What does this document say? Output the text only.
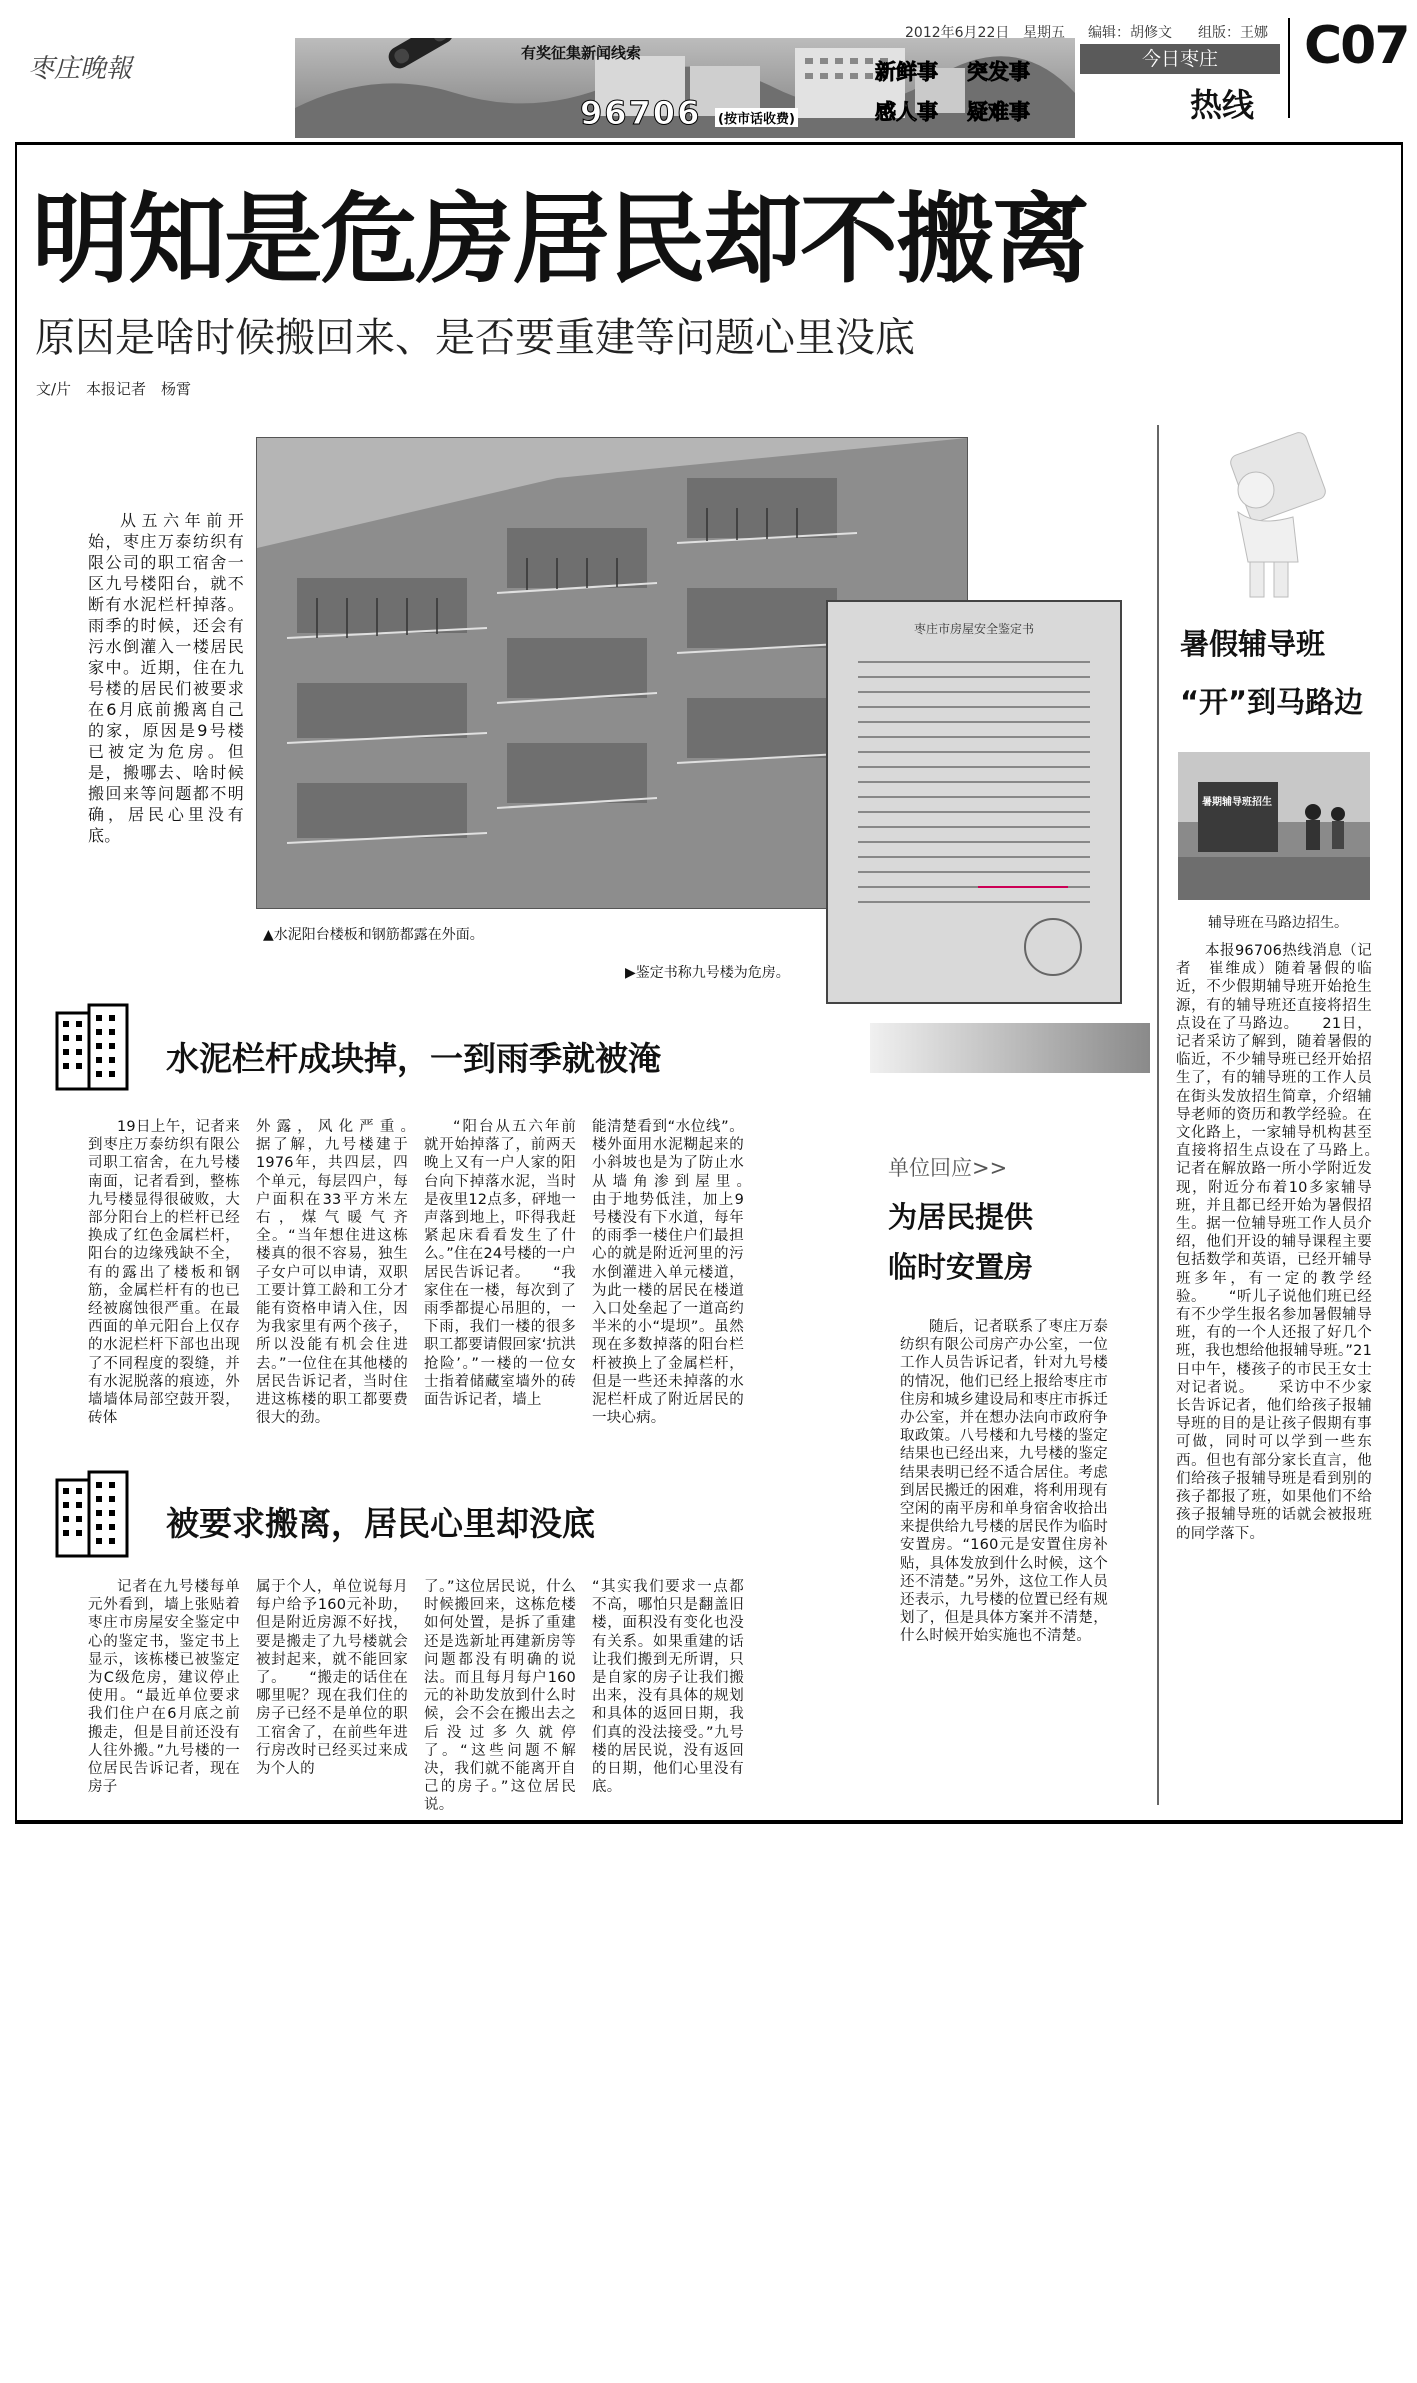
枣庄晚報
有奖征集新闻线索
96706 (按市话收费)
新鲜事 突发事
感人事 疑难事
2012年6月22日 星期五 编辑：胡修文 组版：王娜
今日枣庄
热线
C07
明知是危房居民却不搬离
原因是啥时候搬回来、是否要重建等问题心里没底
文/片　本报记者　杨霄

从五六年前开始，枣庄万泰纺织有限公司的职工宿舍一区九号楼阳台，就不断有水泥栏杆掉落。雨季的时候，还会有污水倒灌入一楼居民家中。近期，住在九号楼的居民们被要求在6月底前搬离自己的家，原因是9号楼已被定为危房。但是，搬哪去、啥时候搬回来等问题都不明确，居民心里没有底。

枣庄市房屋安全鉴定书
▲水泥阳台楼板和钢筋都露在外面。
▶鉴定书称九号楼为危房。
水泥栏杆成块掉，一到雨季就被淹

19日上午，记者来到枣庄万泰纺织有限公司职工宿舍，在九号楼南面，记者看到，整栋九号楼显得很破败，大部分阳台上的栏杆已经换成了红色金属栏杆，阳台的边缘残缺不全，有的露出了楼板和钢筋，金属栏杆有的也已经被腐蚀很严重。在最西面的单元阳台上仅存的水泥栏杆下部也出现了不同程度的裂缝，并有水泥脱落的痕迹，外墙墙体局部空鼓开裂，砖体

外露，风化严重。　　据了解，九号楼建于1976年，共四层，四个单元，每层四户，每户面积在33平方米左右，煤气暖气齐全。“当年想住进这栋楼真的很不容易，独生子女户可以申请，双职工要计算工龄和工分才能有资格申请入住，因为我家里有两个孩子，所以没能有机会住进去。”一位住在其他楼的居民告诉记者，当时住进这栋楼的职工都要费很大的劲。

“阳台从五六年前就开始掉落了，前两天晚上又有一户人家的阳台向下掉落水泥，当时是夜里12点多，砰地一声落到地上，吓得我赶紧起床看看发生了什么。”住在24号楼的一户居民告诉记者。　　“我家住在一楼，每次到了雨季都提心吊胆的，一下雨，我们一楼的很多职工都要请假回家‘抗洪抢险’。”一楼的一位女士指着储藏室墙外的砖面告诉记者，墙上

能清楚看到“水位线”。楼外面用水泥糊起来的小斜坡也是为了防止水从墙角渗到屋里。　　由于地势低洼，加上9号楼没有下水道，每年的雨季一楼住户们最担心的就是附近河里的污水倒灌进入单元楼道，为此一楼的居民在楼道入口处垒起了一道高约半米的小“堤坝”。虽然现在多数掉落的阳台栏杆被换上了金属栏杆，但是一些还未掉落的水泥栏杆成了附近居民的一块心病。

单位回应>>
为居民提供
临时安置房

随后，记者联系了枣庄万泰纺织有限公司房产办公室，一位工作人员告诉记者，针对九号楼的情况，他们已经上报给枣庄市住房和城乡建设局和枣庄市拆迁办公室，并在想办法向市政府争取政策。八号楼和九号楼的鉴定结果也已经出来，九号楼的鉴定结果表明已经不适合居住。考虑到居民搬迁的困难，将利用现有空闲的南平房和单身宿舍收拾出来提供给九号楼的居民作为临时安置房。“160元是安置住房补贴，具体发放到什么时候，这个还不清楚。”另外，这位工作人员还表示，九号楼的位置已经有规划了，但是具体方案并不清楚，什么时候开始实施也不清楚。

被要求搬离，居民心里却没底

记者在九号楼每单元外看到，墙上张贴着枣庄市房屋安全鉴定中心的鉴定书，鉴定书上显示，该栋楼已被鉴定为C级危房，建议停止使用。“最近单位要求我们住户在6月底之前搬走，但是目前还没有人往外搬。”九号楼的一位居民告诉记者，现在房子

属于个人，单位说每月每户给予160元补助，但是附近房源不好找，要是搬走了九号楼就会被封起来，就不能回家了。　　“搬走的话住在哪里呢？现在我们住的房子已经不是单位的职工宿舍了，在前些年进行房改时已经买过来成为个人的

了。”这位居民说，什么时候搬回来，这栋危楼如何处置，是拆了重建还是选新址再建新房等问题都没有明确的说法。而且每月每户160元的补助发放到什么时候，会不会在搬出去之后没过多久就停了。“这些问题不解决，我们就不能离开自己的房子。”这位居民说。

“其实我们要求一点都不高，哪怕只是翻盖旧楼，面积没有变化也没有关系。如果重建的话让我们搬到无所谓，只是自家的房子让我们搬出来，没有具体的规划和具体的返回日期，我们真的没法接受。”九号楼的居民说，没有返回的日期，他们心里没有底。

暑假辅导班
“开”到马路边
暑期辅导班招生
辅导班在马路边招生。

本报96706热线消息（记者　崔维成）随着暑假的临近，不少假期辅导班开始抢生源，有的辅导班还直接将招生点设在了马路边。　　21日，记者采访了解到，随着暑假的临近，不少辅导班已经开始招生了，有的辅导班的工作人员在街头发放招生简章，介绍辅导老师的资历和教学经验。在文化路上，一家辅导机构甚至直接将招生点设在了马路上。　　记者在解放路一所小学附近发现，附近分布着10多家辅导班，并且都已经开始为暑假招生。据一位辅导班工作人员介绍，他们开设的辅导课程主要包括数学和英语，已经开辅导班多年，有一定的教学经验。　　“听儿子说他们班已经有不少学生报名参加暑假辅导班，有的一个人还报了好几个班，我也想给他报辅导班。”21日中午，楼孩子的市民王女士对记者说。　　采访中不少家长告诉记者，他们给孩子报辅导班的目的是让孩子假期有事可做，同时可以学到一些东西。但也有部分家长直言，他们给孩子报辅导班是看到别的孩子都报了班，如果他们不给孩子报辅导班的话就会被报班的同学落下。
